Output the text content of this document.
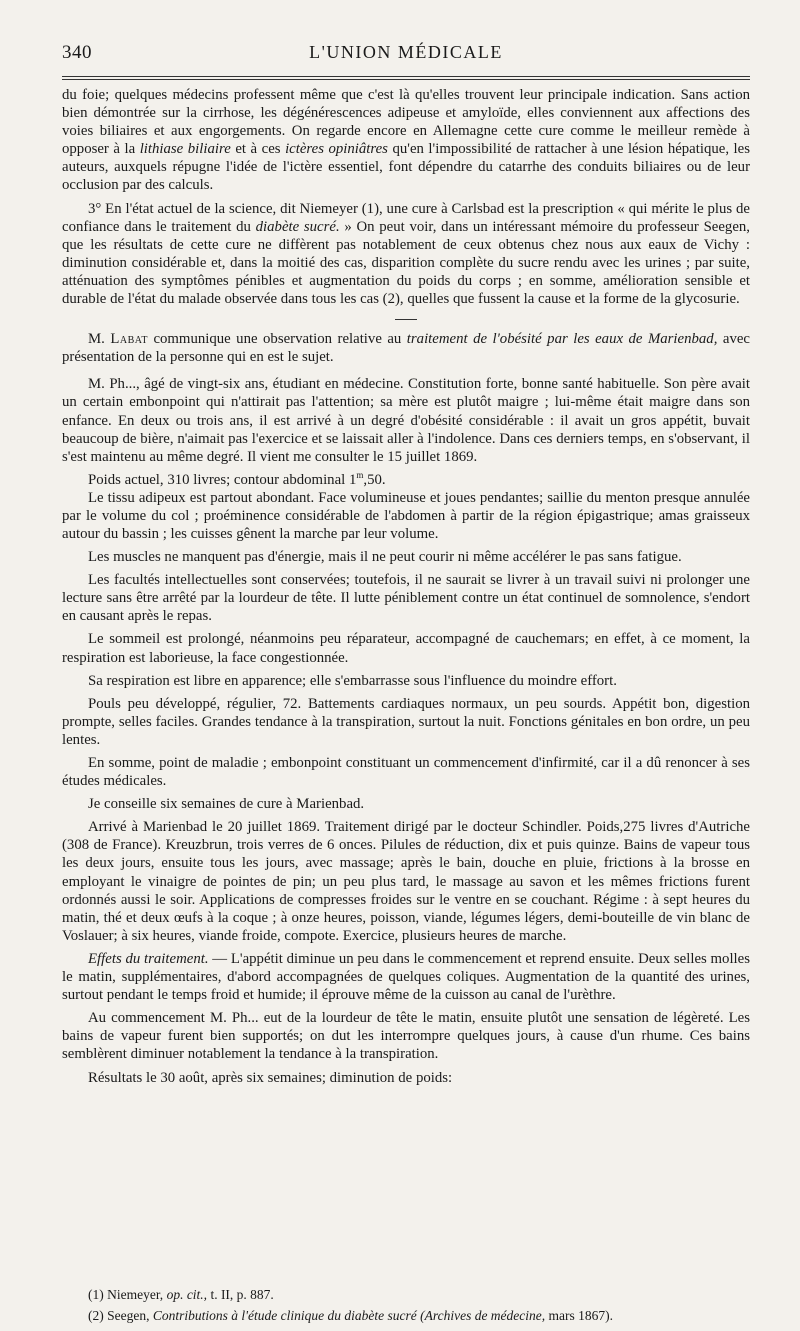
340	L'UNION MÉDICALE

du foie; quelques médecins professent même que c'est là qu'elles trouvent leur principale indication. Sans action bien démontrée sur la cirrhose, les dégénérescences adipeuse et amyloïde, elles conviennent aux affections des voies biliaires et aux engorgements. On regarde encore en Allemagne cette cure comme le meilleur remède à opposer à la lithiase biliaire et à ces ictères opiniâtres qu'en l'impossibilité de rattacher à une lésion hépatique, les auteurs, auxquels répugne l'idée de l'ictère essentiel, font dépendre du catarrhe des conduits biliaires ou de leur occlusion par des calculs.

3° En l'état actuel de la science, dit Niemeyer (1), une cure à Carlsbad est la prescription « qui mérite le plus de confiance dans le traitement du diabète sucré. » On peut voir, dans un intéressant mémoire du professeur Seegen, que les résultats de cette cure ne diffèrent pas notablement de ceux obtenus chez nous aux eaux de Vichy : diminution considérable et, dans la moitié des cas, disparition complète du sucre rendu avec les urines ; par suite, atténuation des symptômes pénibles et augmentation du poids du corps ; en somme, amélioration sensible et durable de l'état du malade observée dans tous les cas (2), quelles que fussent la cause et la forme de la glycosurie.

M. Labat communique une observation relative au traitement de l'obésité par les eaux de Marienbad, avec présentation de la personne qui en est le sujet.

M. Ph..., âgé de vingt-six ans, étudiant en médecine. Constitution forte, bonne santé habituelle. Son père avait un certain embonpoint qui n'attirait pas l'attention; sa mère est plutôt maigre ; lui-même était maigre dans son enfance. En deux ou trois ans, il est arrivé à un degré d'obésité considérable : il avait un gros appétit, buvait beaucoup de bière, n'aimait pas l'exercice et se laissait aller à l'indolence. Dans ces derniers temps, en s'observant, il s'est maintenu au même degré. Il vient me consulter le 15 juillet 1869.

Poids actuel, 310 livres; contour abdominal 1$^m$,50.

Le tissu adipeux est partout abondant. Face volumineuse et joues pendantes; saillie du menton presque annulée par le volume du col ; proéminence considérable de l'abdomen à partir de la région épigastrique; amas graisseux autour du bassin ; les cuisses gênent la marche par leur volume.

Les muscles ne manquent pas d'énergie, mais il ne peut courir ni même accélérer le pas sans fatigue.

Les facultés intellectuelles sont conservées; toutefois, il ne saurait se livrer à un travail suivi ni prolonger une lecture sans être arrêté par la lourdeur de tête. Il lutte péniblement contre un état continuel de somnolence, s'endort en causant après le repas.

Le sommeil est prolongé, néanmoins peu réparateur, accompagné de cauchemars; en effet, à ce moment, la respiration est laborieuse, la face congestionnée.

Sa respiration est libre en apparence; elle s'embarrasse sous l'influence du moindre effort.

Pouls peu développé, régulier, 72. Battements cardiaques normaux, un peu sourds. Appétit bon, digestion prompte, selles faciles. Grandes tendance à la transpiration, surtout la nuit. Fonctions génitales en bon ordre, un peu lentes.

En somme, point de maladie ; embonpoint constituant un commencement d'infirmité, car il a dû renoncer à ses études médicales.

Je conseille six semaines de cure à Marienbad.

Arrivé à Marienbad le 20 juillet 1869. Traitement dirigé par le docteur Schindler. Poids,275 livres d'Autriche (308 de France). Kreuzbrun, trois verres de 6 onces. Pilules de réduction, dix et puis quinze. Bains de vapeur tous les deux jours, ensuite tous les jours, avec massage; après le bain, douche en pluie, frictions à la brosse en employant le vinaigre de pointes de pin; un peu plus tard, le massage au savon et les mêmes frictions furent ordonnés aussi le soir. Applications de compresses froides sur le ventre en se couchant. Régime : à sept heures du matin, thé et deux œufs à la coque ; à onze heures, poisson, viande, légumes légers, demi-bouteille de vin blanc de Voslauer; à six heures, viande froide, compote. Exercice, plusieurs heures de marche.

Effets du traitement. — L'appétit diminue un peu dans le commencement et reprend ensuite. Deux selles molles le matin, supplémentaires, d'abord accompagnées de quelques coliques. Augmentation de la quantité des urines, surtout pendant le temps froid et humide; il éprouve même de la cuisson au canal de l'urèthre.

Au commencement M. Ph... eut de la lourdeur de tête le matin, ensuite plutôt une sensation de légèreté. Les bains de vapeur furent bien supportés; on dut les interrompre quelques jours, à cause d'un rhume. Ces bains semblèrent diminuer notablement la tendance à la transpiration.

Résultats le 30 août, après six semaines; diminution de poids:

(1) Niemeyer, op. cit., t. II, p. 887.

(2) Seegen, Contributions à l'étude clinique du diabète sucré (Archives de médecine, mars 1867).
